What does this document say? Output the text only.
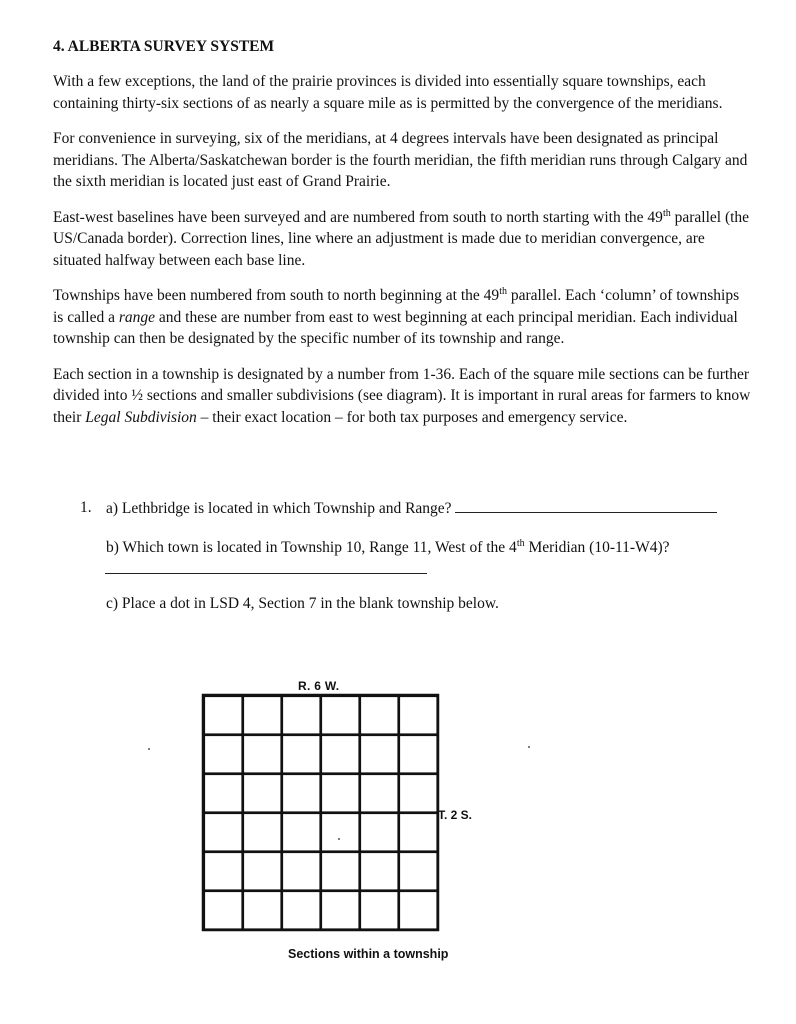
4. ALBERTA SURVEY SYSTEM

With a few exceptions, the land of the prairie provinces is divided into essentially square townships, each containing thirty-six sections of as nearly a square mile as is permitted by the convergence of the meridians.

For convenience in surveying, six of the meridians, at 4 degrees intervals have been designated as principal meridians. The Alberta/Saskatchewan border is the fourth meridian, the fifth meridian runs through Calgary and the sixth meridian is located just east of Grand Prairie.

East-west baselines have been surveyed and are numbered from south to north starting with the 49th parallel (the US/Canada border). Correction lines, line where an adjustment is made due to meridian convergence, are situated halfway between each base line.

Townships have been numbered from south to north beginning at the 49th parallel. Each ‘column’ of townships is called a range and these are number from east to west beginning at each principal meridian. Each individual township can then be designated by the specific number of its township and range.

Each section in a township is designated by a number from 1-36. Each of the square mile sections can be further divided into ½ sections and smaller subdivisions (see diagram). It is important in rural areas for farmers to know their Legal Subdivision – their exact location – for both tax purposes and emergency service.

1. a) Lethbridge is located in which Township and Range?
b) Which town is located in Township 10, Range 11, West of the 4th Meridian (10-11-W4)?
c) Place a dot in LSD 4, Section 7 in the blank township below.
R. 6 W.
T. 2 S.
Sections within a township
